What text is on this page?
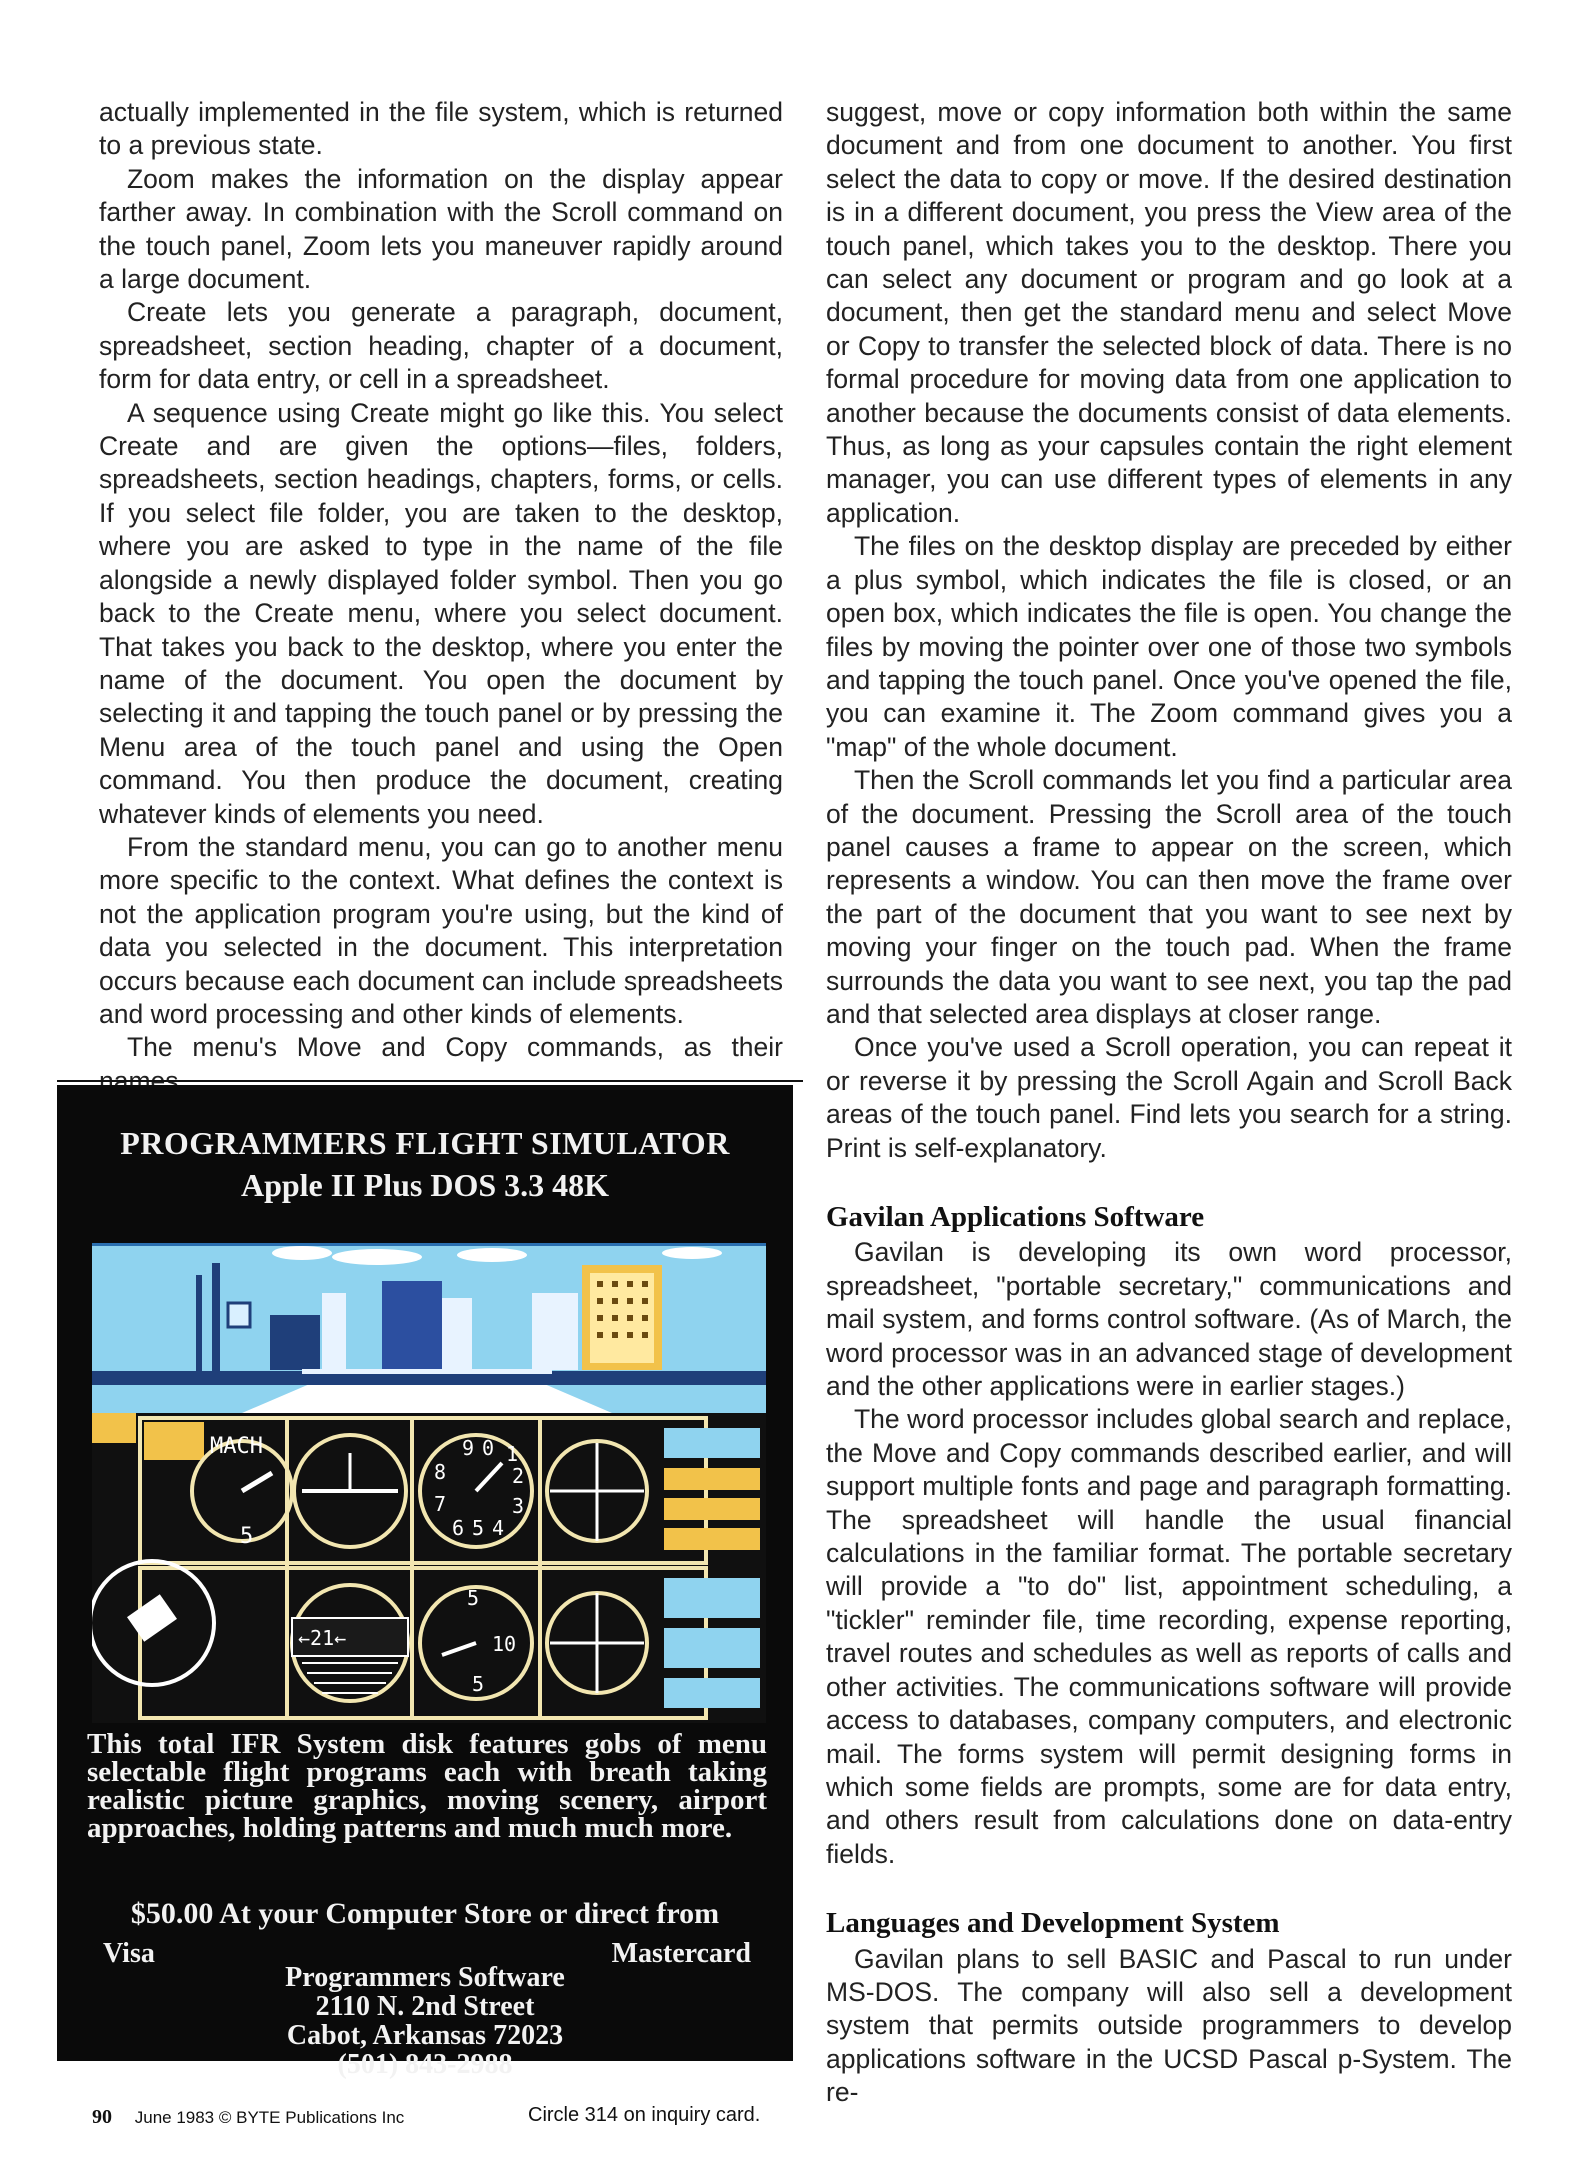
actually implemented in the file system, which is returned to a previous state.

Zoom makes the information on the display appear farther away. In combination with the Scroll command on the touch panel, Zoom lets you maneuver rapidly around a large document.

Create lets you generate a paragraph, document, spreadsheet, section heading, chapter of a document, form for data entry, or cell in a spreadsheet.

A sequence using Create might go like this. You select Create and are given the options—files, folders, spreadsheets, section headings, chapters, forms, or cells. If you select file folder, you are taken to the desktop, where you are asked to type in the name of the file alongside a newly displayed folder symbol. Then you go back to the Create menu, where you select document. That takes you back to the desktop, where you enter the name of the document. You open the document by selecting it and tapping the touch panel or by pressing the Menu area of the touch panel and using the Open command. You then produce the document, creating whatever kinds of elements you need.

From the standard menu, you can go to another menu more specific to the context. What defines the context is not the application program you're using, but the kind of data you selected in the document. This interpretation occurs because each document can include spreadsheets and word processing and other kinds of elements.

The menu's Move and Copy commands, as their

PROGRAMMERS FLIGHT SIMULATOR
Apple II Plus DOS 3.3 48K
MACH
5
9 0 1
8	2
7	3
6 5 4
←21←
5
10
5
This total IFR System disk features gobs of menu selectable flight programs each with breath taking realistic picture graphics, moving scenery, airport approaches, holding patterns and much much more.
$50.00 At your Computer Store or direct from
Visa	Mastercard
Programmers Software
2110 N. 2nd Street
Cabot, Arkansas 72023
(501) 843-2988

suggest, move or copy information both within the same document and from one document to another. You first select the data to copy or move. If the desired destination is in a different document, you press the View area of the touch panel, which takes you to the desktop. There you can select any document or program and go look at a document, then get the standard menu and select Move or Copy to transfer the selected block of data. There is no formal procedure for moving data from one application to another because the documents consist of data elements. Thus, as long as your capsules contain the right element manager, you can use different types of elements in any application.

The files on the desktop display are preceded by either a plus symbol, which indicates the file is closed, or an open box, which indicates the file is open. You change the files by moving the pointer over one of those two symbols and tapping the touch panel. Once you've opened the file, you can examine it. The Zoom command gives you a "map" of the whole document.

Then the Scroll commands let you find a particular area of the document. Pressing the Scroll area of the touch panel causes a frame to appear on the screen, which represents a window. You can then move the frame over the part of the document that you want to see next by moving your finger on the touch pad. When the frame surrounds the data you want to see next, you tap the pad and that selected area displays at closer range.

Once you've used a Scroll operation, you can repeat it or reverse it by pressing the Scroll Again and Scroll Back areas of the touch panel. Find lets you search for a string. Print is self-explanatory.

Gavilan Applications Software

Gavilan is developing its own word processor, spreadsheet, "portable secretary," communications and mail system, and forms control software. (As of March, the word processor was in an advanced stage of development and the other applications were in earlier stages.)

The word processor includes global search and replace, the Move and Copy commands described earlier, and will support multiple fonts and page and paragraph formatting. The spreadsheet will handle the usual financial calculations in the familiar format. The portable secretary will provide a "to do" list, appointment scheduling, a "tickler" reminder file, time recording, expense reporting, travel routes and schedules as well as reports of calls and other activities. The communications software will provide access to databases, company computers, and electronic mail. The forms system will permit designing forms in which some fields are prompts, some are for data entry, and others result from calculations done on data-entry fields.

Languages and Development System

Gavilan plans to sell BASIC and Pascal to run under MS-DOS. The company will also sell a development system that permits outside programmers to develop applications software in the UCSD Pascal p-System. The re-

90 June 1983 © BYTE Publications Inc	Circle 314 on inquiry card.
